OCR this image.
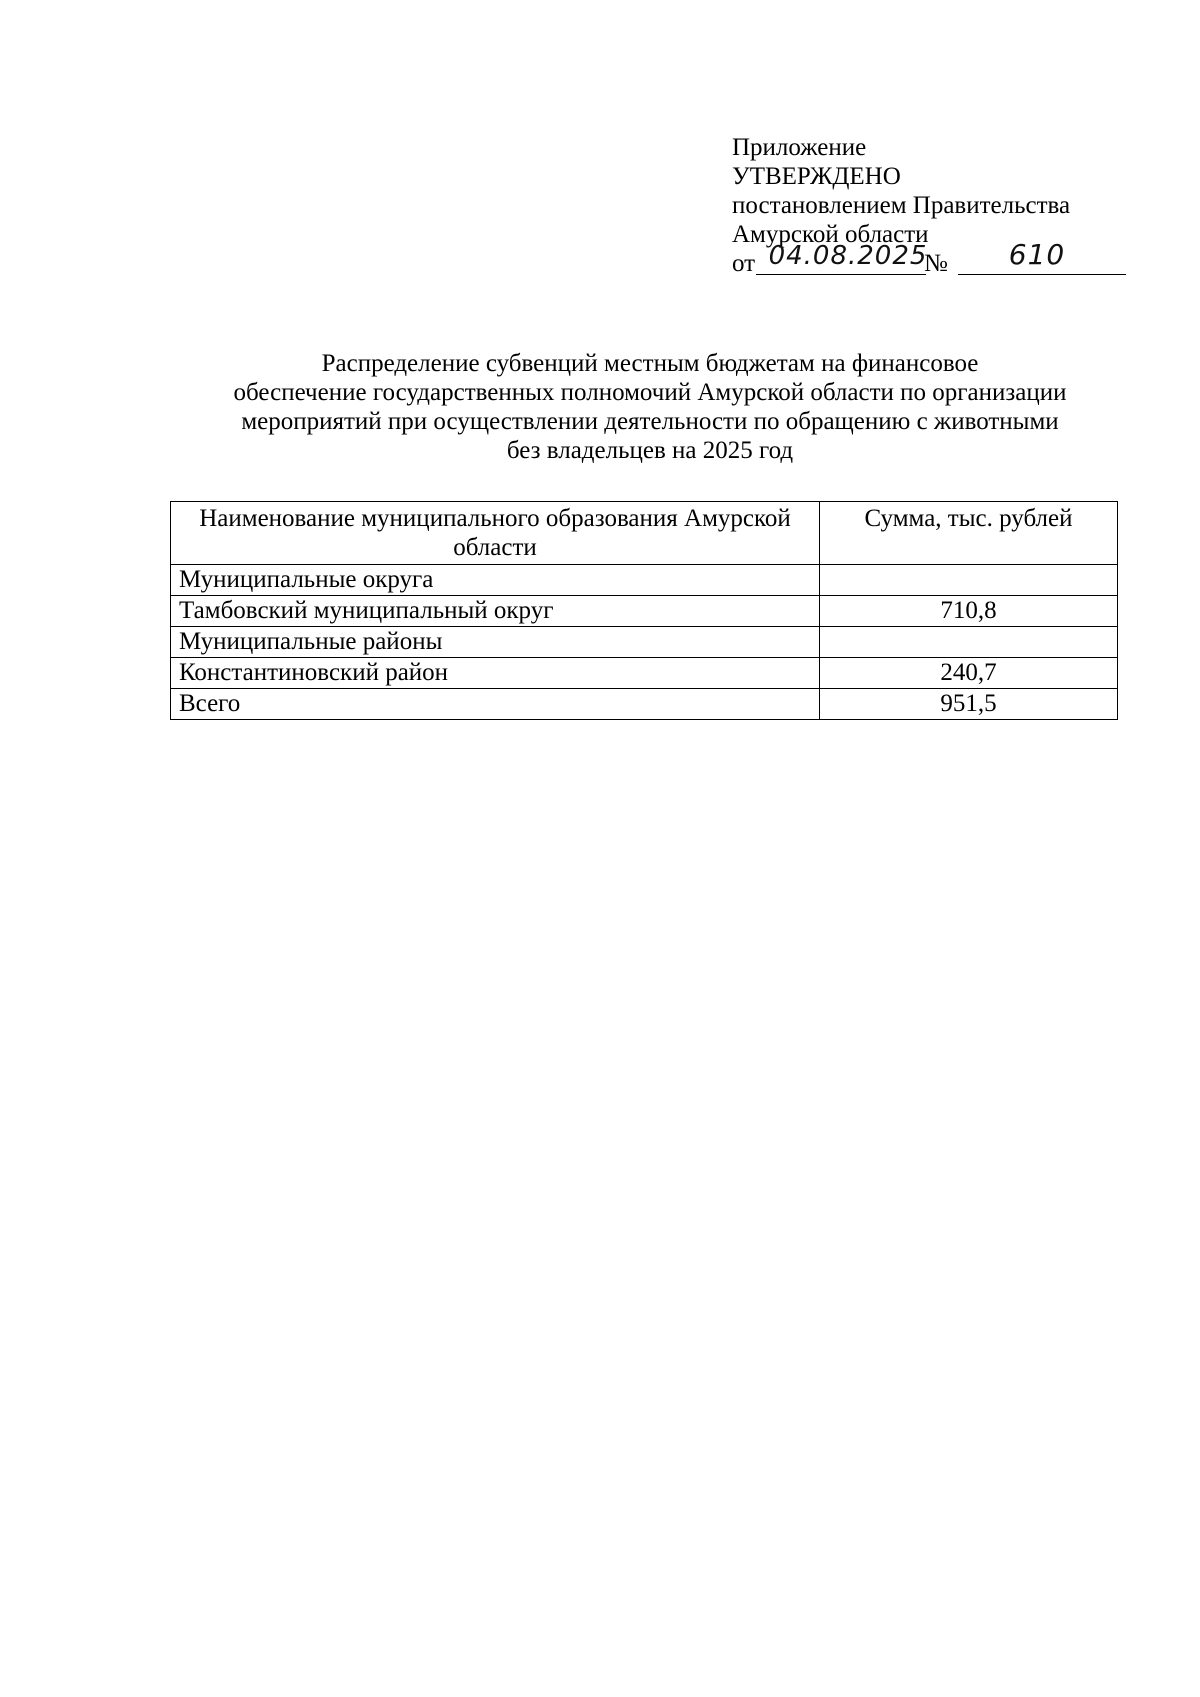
Приложение
УТВЕРЖДЕНО
постановлением Правительства
Амурской области
от 04.08.2025
№	610
Распределение субвенций местным бюджетам на финансовое
обеспечение государственных полномочий Амурской области по организации
мероприятий при осуществлении деятельности по обращению с животными
без владельцев на 2025 год
Наименование муниципального образования Амурской области	Сумма, тыс. рублей
Муниципальные округа	
Тамбовский муниципальный округ	710,8
Муниципальные районы	
Константиновский район	240,7
Всего	951,5
